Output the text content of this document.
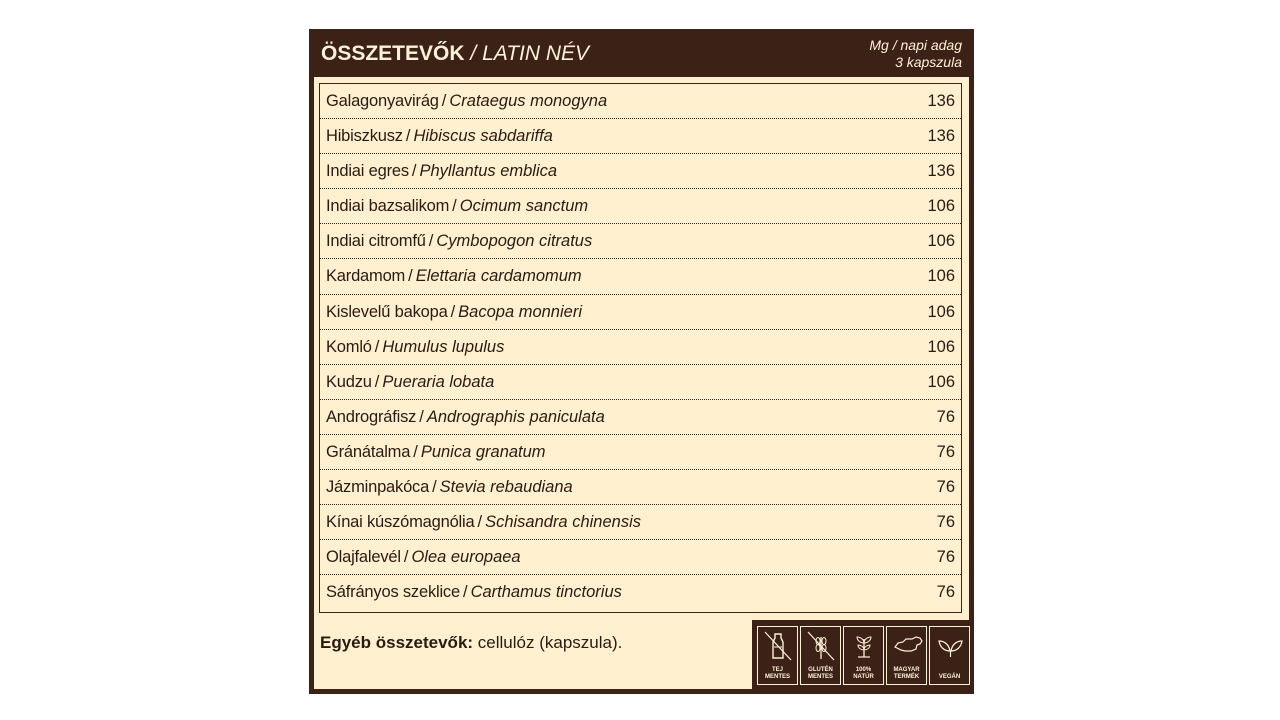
ÖSSZETEVŐK / LATIN NÉV	Mg / napi adag
3 kapszula
Galagonyavirág / Crataegus monogyna	136
Hibiszkusz / Hibiscus sabdariffa	136
Indiai egres / Phyllantus emblica	136
Indiai bazsalikom / Ocimum sanctum	106
Indiai citromfű / Cymbopogon citratus	106
Kardamom / Elettaria cardamomum	106
Kislevelű bakopa / Bacopa monnieri	106
Komló / Humulus lupulus	106
Kudzu / Pueraria lobata	106
Andrográfisz / Andrographis paniculata	76
Gránátalma / Punica granatum	76
Jázminpakóca / Stevia rebaudiana	76
Kínai kúszómagnólia / Schisandra chinensis	76
Olajfalevél / Olea europaea	76
Sáfrányos szeklice / Carthamus tinctorius	76
Egyéb összetevők: cellulóz (kapszula).
TEJ
MENTES
GLUTÉN
MENTES
100%
NATÚR
MAGYAR
TERMÉK	VEGÁN
